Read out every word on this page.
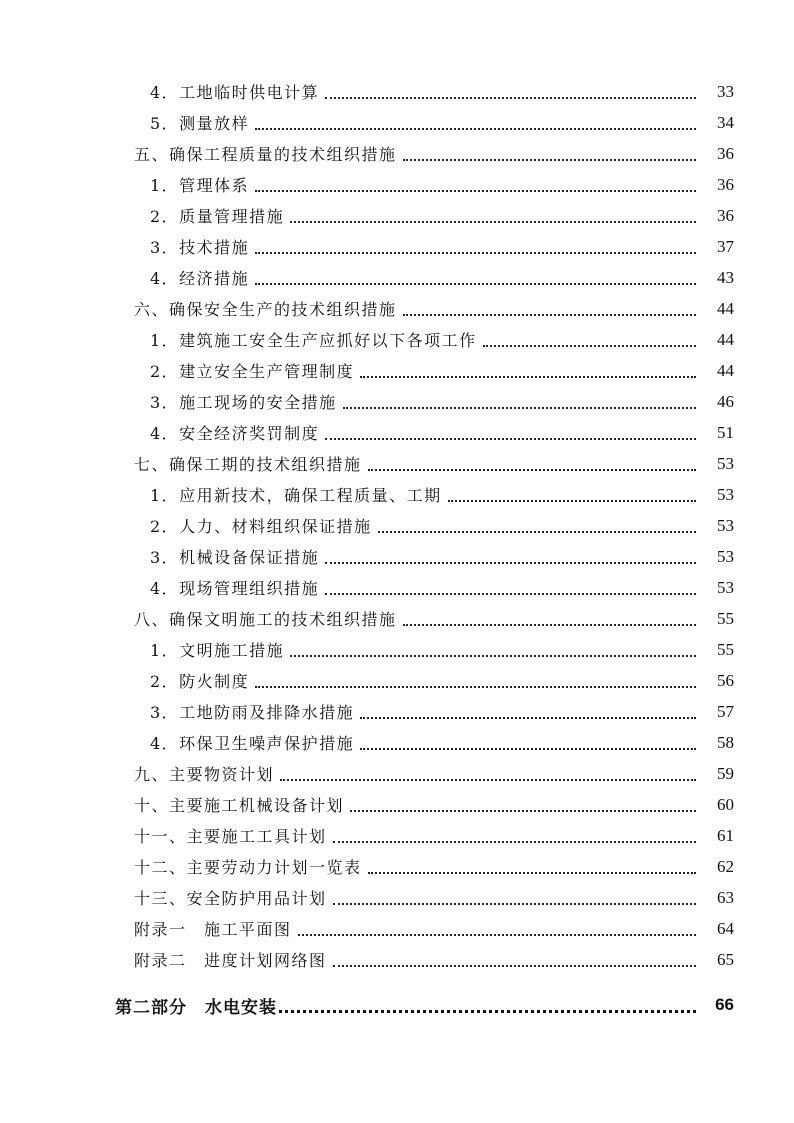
4．工地临时供电计算	33
5．测量放样	34
五、确保工程质量的技术组织措施	36
1．管理体系	36
2．质量管理措施	36
3．技术措施	37
4．经济措施	43
六、确保安全生产的技术组织措施	44
1．建筑施工安全生产应抓好以下各项工作	44
2．建立安全生产管理制度	44
3．施工现场的安全措施	46
4．安全经济奖罚制度	51
七、确保工期的技术组织措施	53
1．应用新技术，确保工程质量、工期	53
2．人力、材料组织保证措施	53
3．机械设备保证措施	53
4．现场管理组织措施	53
八、确保文明施工的技术组织措施	55
1．文明施工措施	55
2．防火制度	56
3．工地防雨及排降水措施	57
4．环保卫生噪声保护措施	58
九、主要物资计划	59
十、主要施工机械设备计划	60
十一、主要施工工具计划	61
十二、主要劳动力计划一览表	62
十三、安全防护用品计划	63
附录一　施工平面图	64
附录二　进度计划网络图	65
第二部分　水电安装	66
